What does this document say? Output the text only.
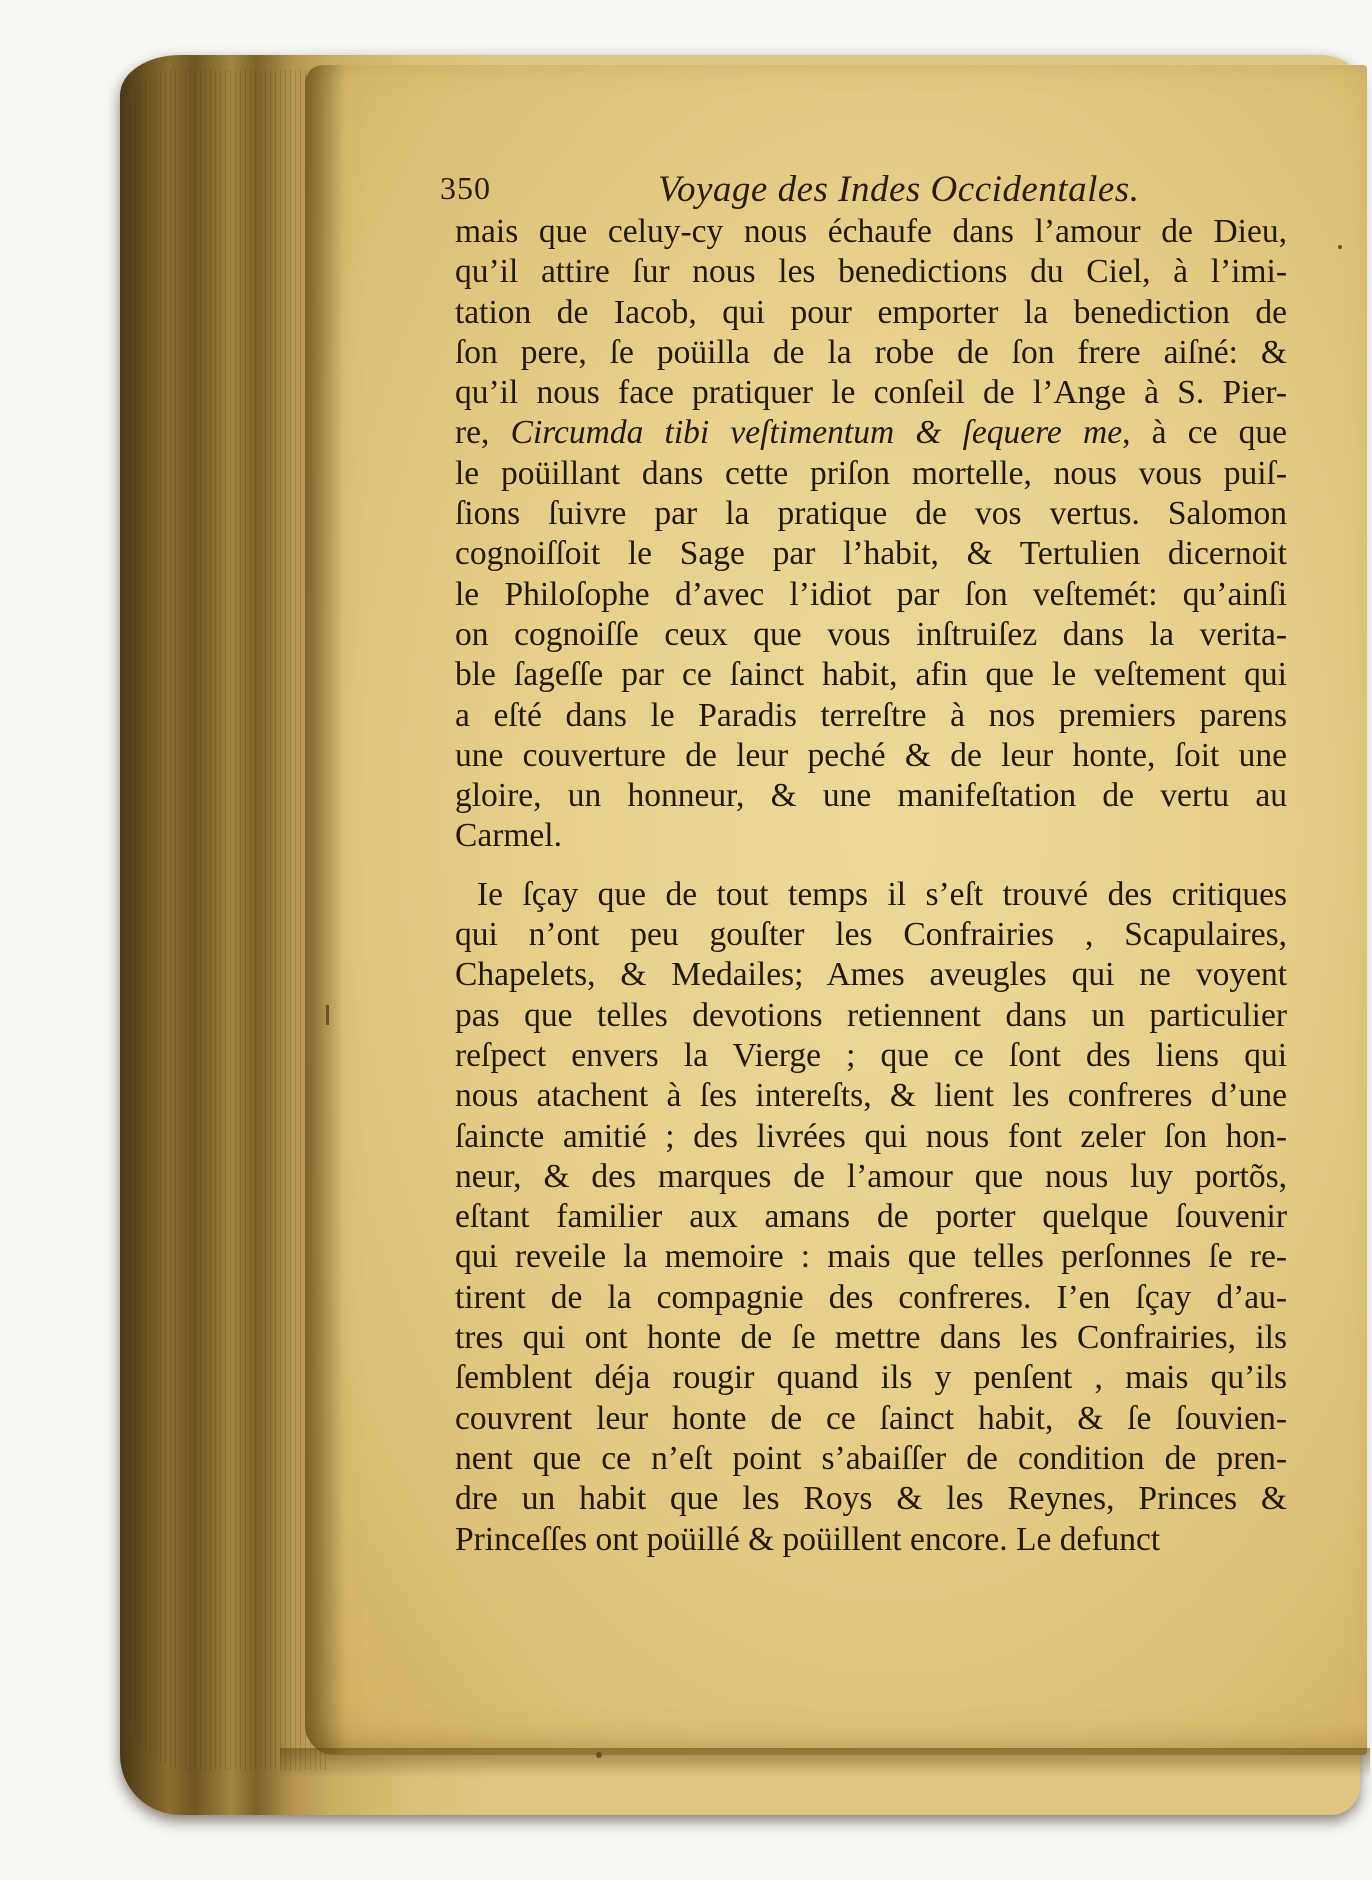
350	Voyage des Indes Occidentales.
mais que celuy-cy nous échaufe dans l’amour de Dieu,
qu’il attire ſur nous les benedictions du Ciel, à l’imi-
tation de Iacob, qui pour emporter la benediction de
ſon pere, ſe poüilla de la robe de ſon frere aiſné: &
qu’il nous face pratiquer le conſeil de l’Ange à S. Pier-
re, Circumda tibi veſtimentum & ſequere me, à ce que
le poüillant dans cette priſon mortelle, nous vous puiſ-
ſions ſuivre par la pratique de vos vertus. Salomon
cognoiſſoit le Sage par l’habit, & Tertulien dicernoit
le Philoſophe d’avec l’idiot par ſon veſtemét: qu’ainſi
on cognoiſſe ceux que vous inſtruiſez dans la verita-
ble ſageſſe par ce ſainct habit, afin que le veſtement qui
a eſté dans le Paradis terreſtre à nos premiers parens
une couverture de leur peché & de leur honte, ſoit une
gloire, un honneur, & une manifeſtation de vertu au
Carmel.
Ie ſçay que de tout temps il s’eſt trouvé des critiques
qui n’ont peu gouſter les Confrairies , Scapulaires,
Chapelets, & Medailes; Ames aveugles qui ne voyent
pas que telles devotions retiennent dans un particulier
reſpect envers la Vierge ; que ce ſont des liens qui
nous atachent à ſes intereſts, & lient les confreres d’une
ſaincte amitié ; des livrées qui nous font zeler ſon hon-
neur, & des marques de l’amour que nous luy portõs,
eſtant familier aux amans de porter quelque ſouvenir
qui reveile la memoire : mais que telles perſonnes ſe re-
tirent de la compagnie des confreres. I’en ſçay d’au-
tres qui ont honte de ſe mettre dans les Confrairies, ils
ſemblent déja rougir quand ils y penſent , mais qu’ils
couvrent leur honte de ce ſainct habit, & ſe ſouvien-
nent que ce n’eſt point s’abaiſſer de condition de pren-
dre un habit que les Roys & les Reynes, Princes &
Princeſſes ont poüillé & poüillent encore. Le defunct
